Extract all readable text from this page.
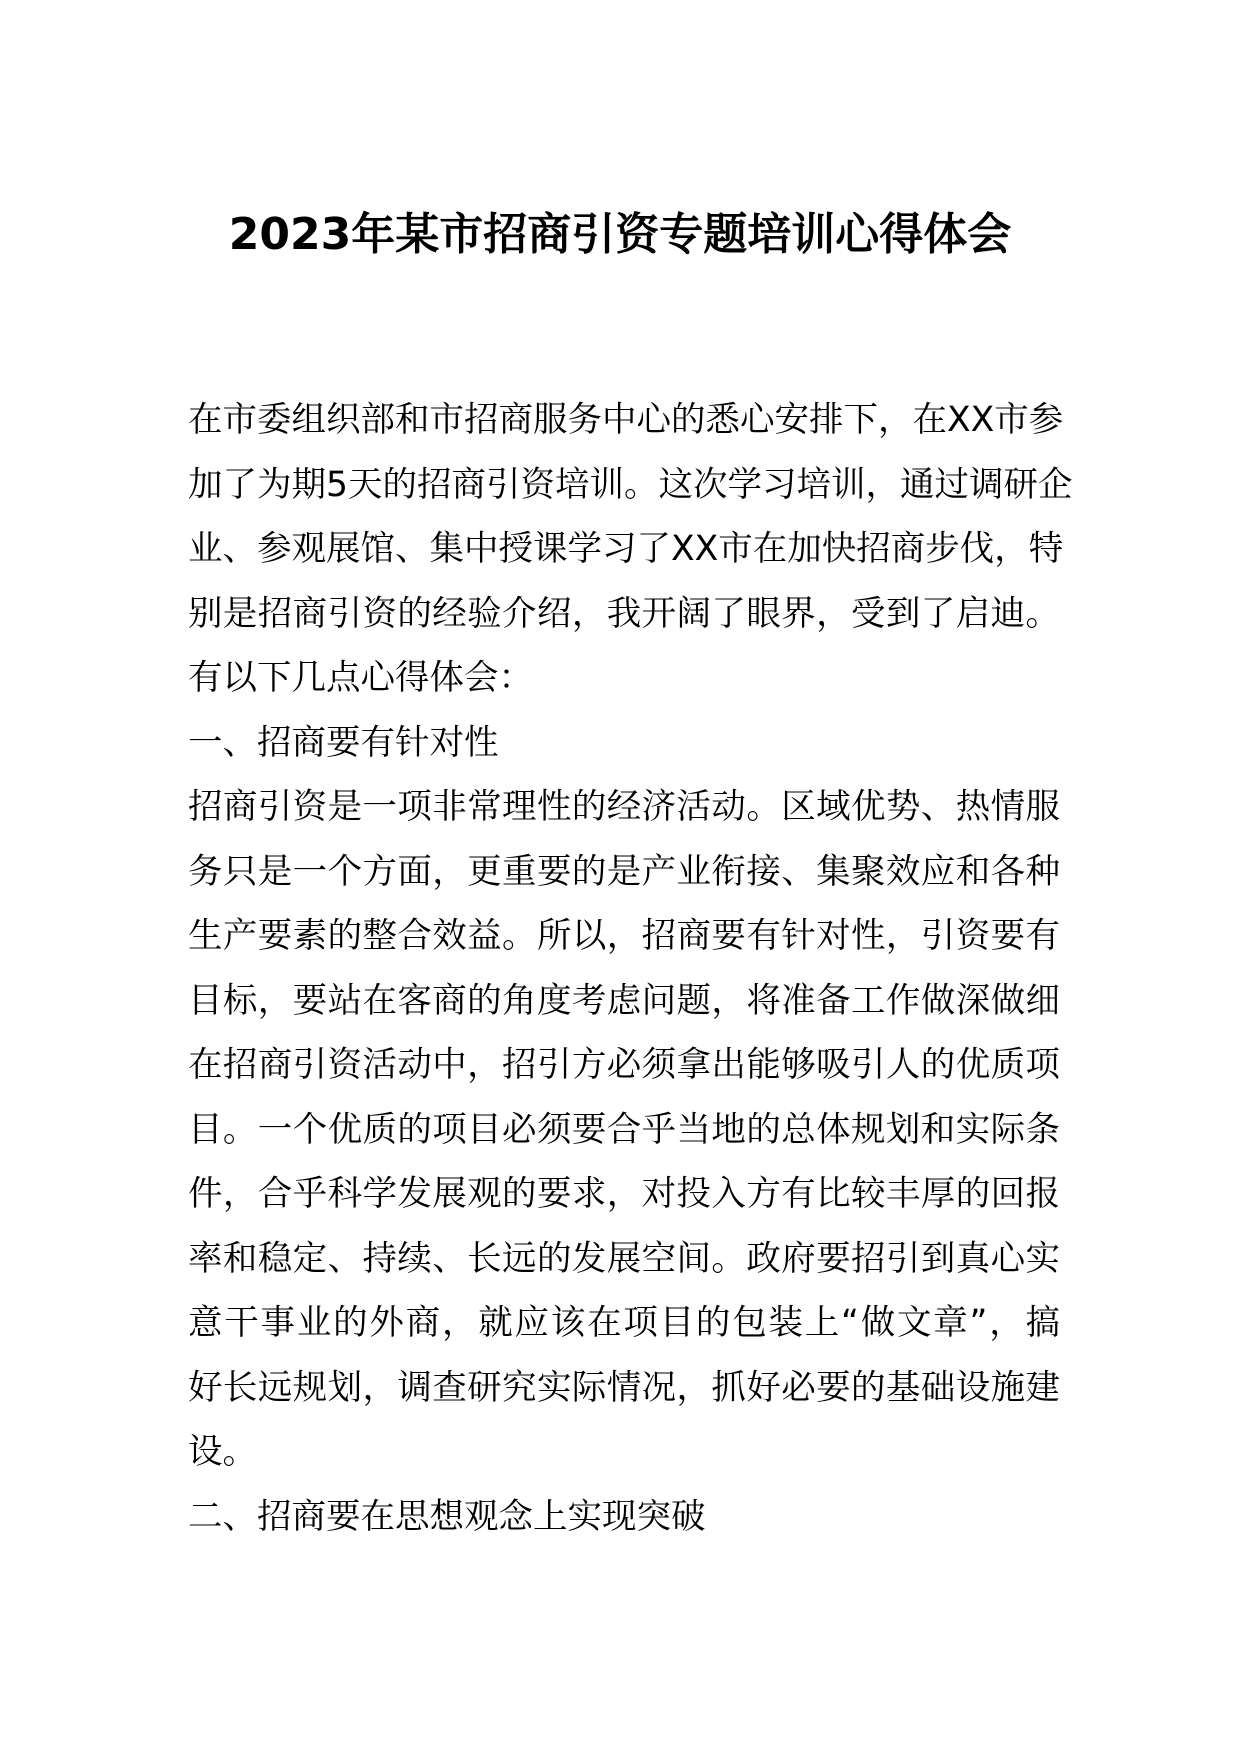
2023年某市招商引资专题培训心得体会
在市委组织部和市招商服务中心的悉心安排下，在XX市参
加了为期5天的招商引资培训。这次学习培训，通过调研企
业、参观展馆、集中授课学习了XX市在加快招商步伐，特
别是招商引资的经验介绍，我开阔了眼界，受到了启迪。
有以下几点心得体会：
一、招商要有针对性
招商引资是一项非常理性的经济活动。区域优势、热情服
务只是一个方面，更重要的是产业衔接、集聚效应和各种
生产要素的整合效益。所以，招商要有针对性，引资要有
目标，要站在客商的角度考虑问题，将准备工作做深做细
在招商引资活动中，招引方必须拿出能够吸引人的优质项
目。一个优质的项目必须要合乎当地的总体规划和实际条
件，合乎科学发展观的要求，对投入方有比较丰厚的回报
率和稳定、持续、长远的发展空间。政府要招引到真心实
意干事业的外商，就应该在项目的包装上“做文章”，搞
好长远规划，调查研究实际情况，抓好必要的基础设施建
设。
二、招商要在思想观念上实现突破
